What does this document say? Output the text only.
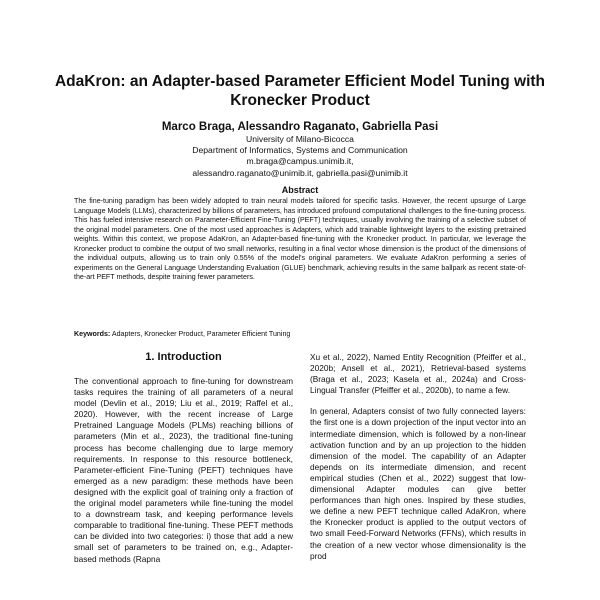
AdaKron: an Adapter-based Parameter Efficient Model Tuning with
Kronecker Product
Marco Braga, Alessandro Raganato, Gabriella Pasi
University of Milano-Bicocca
Department of Informatics, Systems and Communication
m.braga@campus.unimib.it,
alessandro.raganato@unimib.it, gabriella.pasi@unimib.it
Abstract

The fine-tuning paradigm has been widely adopted to train neural models tailored for specific tasks. However, the recent upsurge of Large Language Models (LLMs), characterized by billions of parameters, has introduced profound computational challenges to the fine-tuning process. This has fueled intensive research on Parameter-Efficient Fine-Tuning (PEFT) techniques, usually involving the training of a selective subset of the original model parameters. One of the most used approaches is Adapters, which add trainable lightweight layers to the existing pretrained weights. Within this context, we propose AdaKron, an Adapter-based fine-tuning with the Kronecker product. In particular, we leverage the Kronecker product to combine the output of two small networks, resulting in a final vector whose dimension is the product of the dimensions of the individual outputs, allowing us to train only 0.55% of the model's original parameters. We evaluate AdaKron performing a series of experiments on the General Language Understanding Evaluation (GLUE) benchmark, achieving results in the same ballpark as recent state-of-the-art PEFT methods, despite training fewer parameters.

Keywords: Adapters, Kronecker Product, Parameter Efficient Tuning
1. Introduction

The conventional approach to fine-tuning for downstream tasks requires the training of all parameters of a neural model (Devlin et al., 2019; Liu et al., 2019; Raffel et al., 2020). However, with the recent increase of Large Pretrained Language Models (PLMs) reaching billions of parameters (Min et al., 2023), the traditional fine-tuning process has become challenging due to large memory requirements. In response to this resource bottleneck, Parameter-efficient Fine-Tuning (PEFT) techniques have emerged as a new paradigm: these methods have been designed with the explicit goal of training only a fraction of the original model parameters while fine-tuning the model to a downstream task, and keeping performance levels comparable to traditional fine-tuning. These PEFT methods can be divided into two categories: i) those that add a new small set of parameters to be trained on, e.g., Adapter-based methods (Rapna

Xu et al., 2022), Named Entity Recognition (Pfeiffer et al., 2020b; Ansell et al., 2021), Retrieval-based systems (Braga et al., 2023; Kasela et al., 2024a) and Cross-Lingual Transfer (Pfeiffer et al., 2020b), to name a few.

In general, Adapters consist of two fully connected layers: the first one is a down projection of the input vector into an intermediate dimension, which is followed by a non-linear activation function and by an up projection to the hidden dimension of the model. The capability of an Adapter depends on its intermediate dimension, and recent empirical studies (Chen et al., 2022) suggest that low-dimensional Adapter modules can give better performances than high ones. Inspired by these studies, we define a new PEFT technique called AdaKron, where the Kronecker product is applied to the output vectors of two small Feed-Forward Networks (FFNs), which results in the creation of a new vector whose dimensionality is the prod
